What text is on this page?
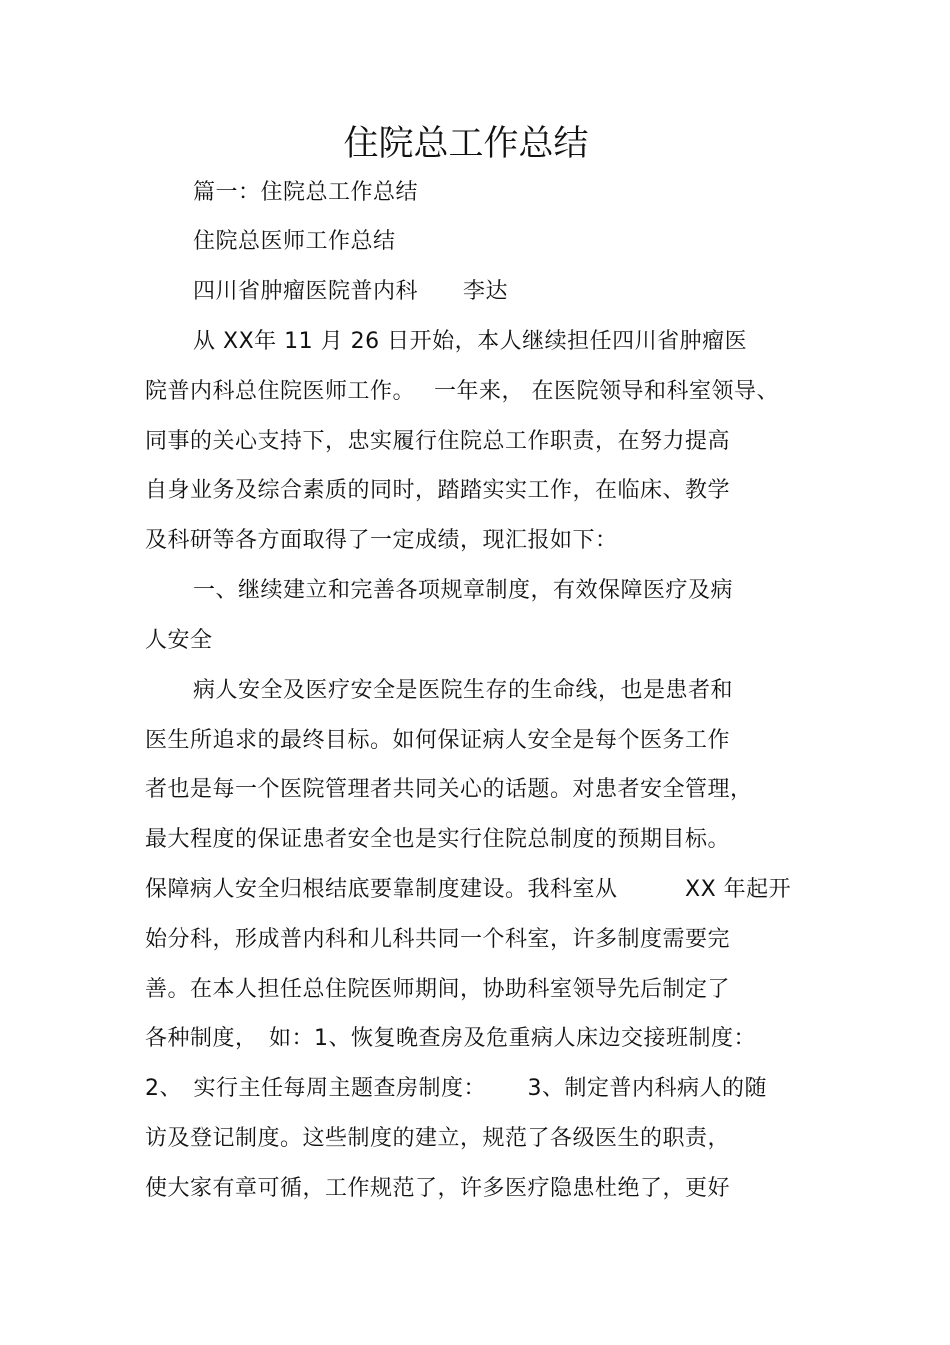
住院总工作总结
篇一：住院总工作总结
住院总医师工作总结
四川省肿瘤医院普内科　　李达
从 XX年 11 月 26 日开始，本人继续担任四川省肿瘤医
院普内科总住院医师工作。　 一年来， 在医院领导和科室领导、
同事的关心支持下，忠实履行住院总工作职责，在努力提高
自身业务及综合素质的同时，踏踏实实工作，在临床、教学
及科研等各方面取得了一定成绩，现汇报如下：
一、继续建立和完善各项规章制度，有效保障医疗及病
人安全
病人安全及医疗安全是医院生存的生命线，也是患者和
医生所追求的最终目标。如何保证病人安全是每个医务工作
者也是每一个医院管理者共同关心的话题。对患者安全管理，
最大程度的保证患者安全也是实行住院总制度的预期目标。
保障病人安全归根结底要靠制度建设。我科室从　　　XX 年起开
始分科，形成普内科和儿科共同一个科室，许多制度需要完
善。在本人担任总住院医师期间，协助科室领导先后制定了
各种制度，　如：1、恢复晚查房及危重病人床边交接班制度：
2、　实行主任每周主题查房制度：　　 3、制定普内科病人的随
访及登记制度。这些制度的建立，规范了各级医生的职责，
使大家有章可循，工作规范了，许多医疗隐患杜绝了，更好
